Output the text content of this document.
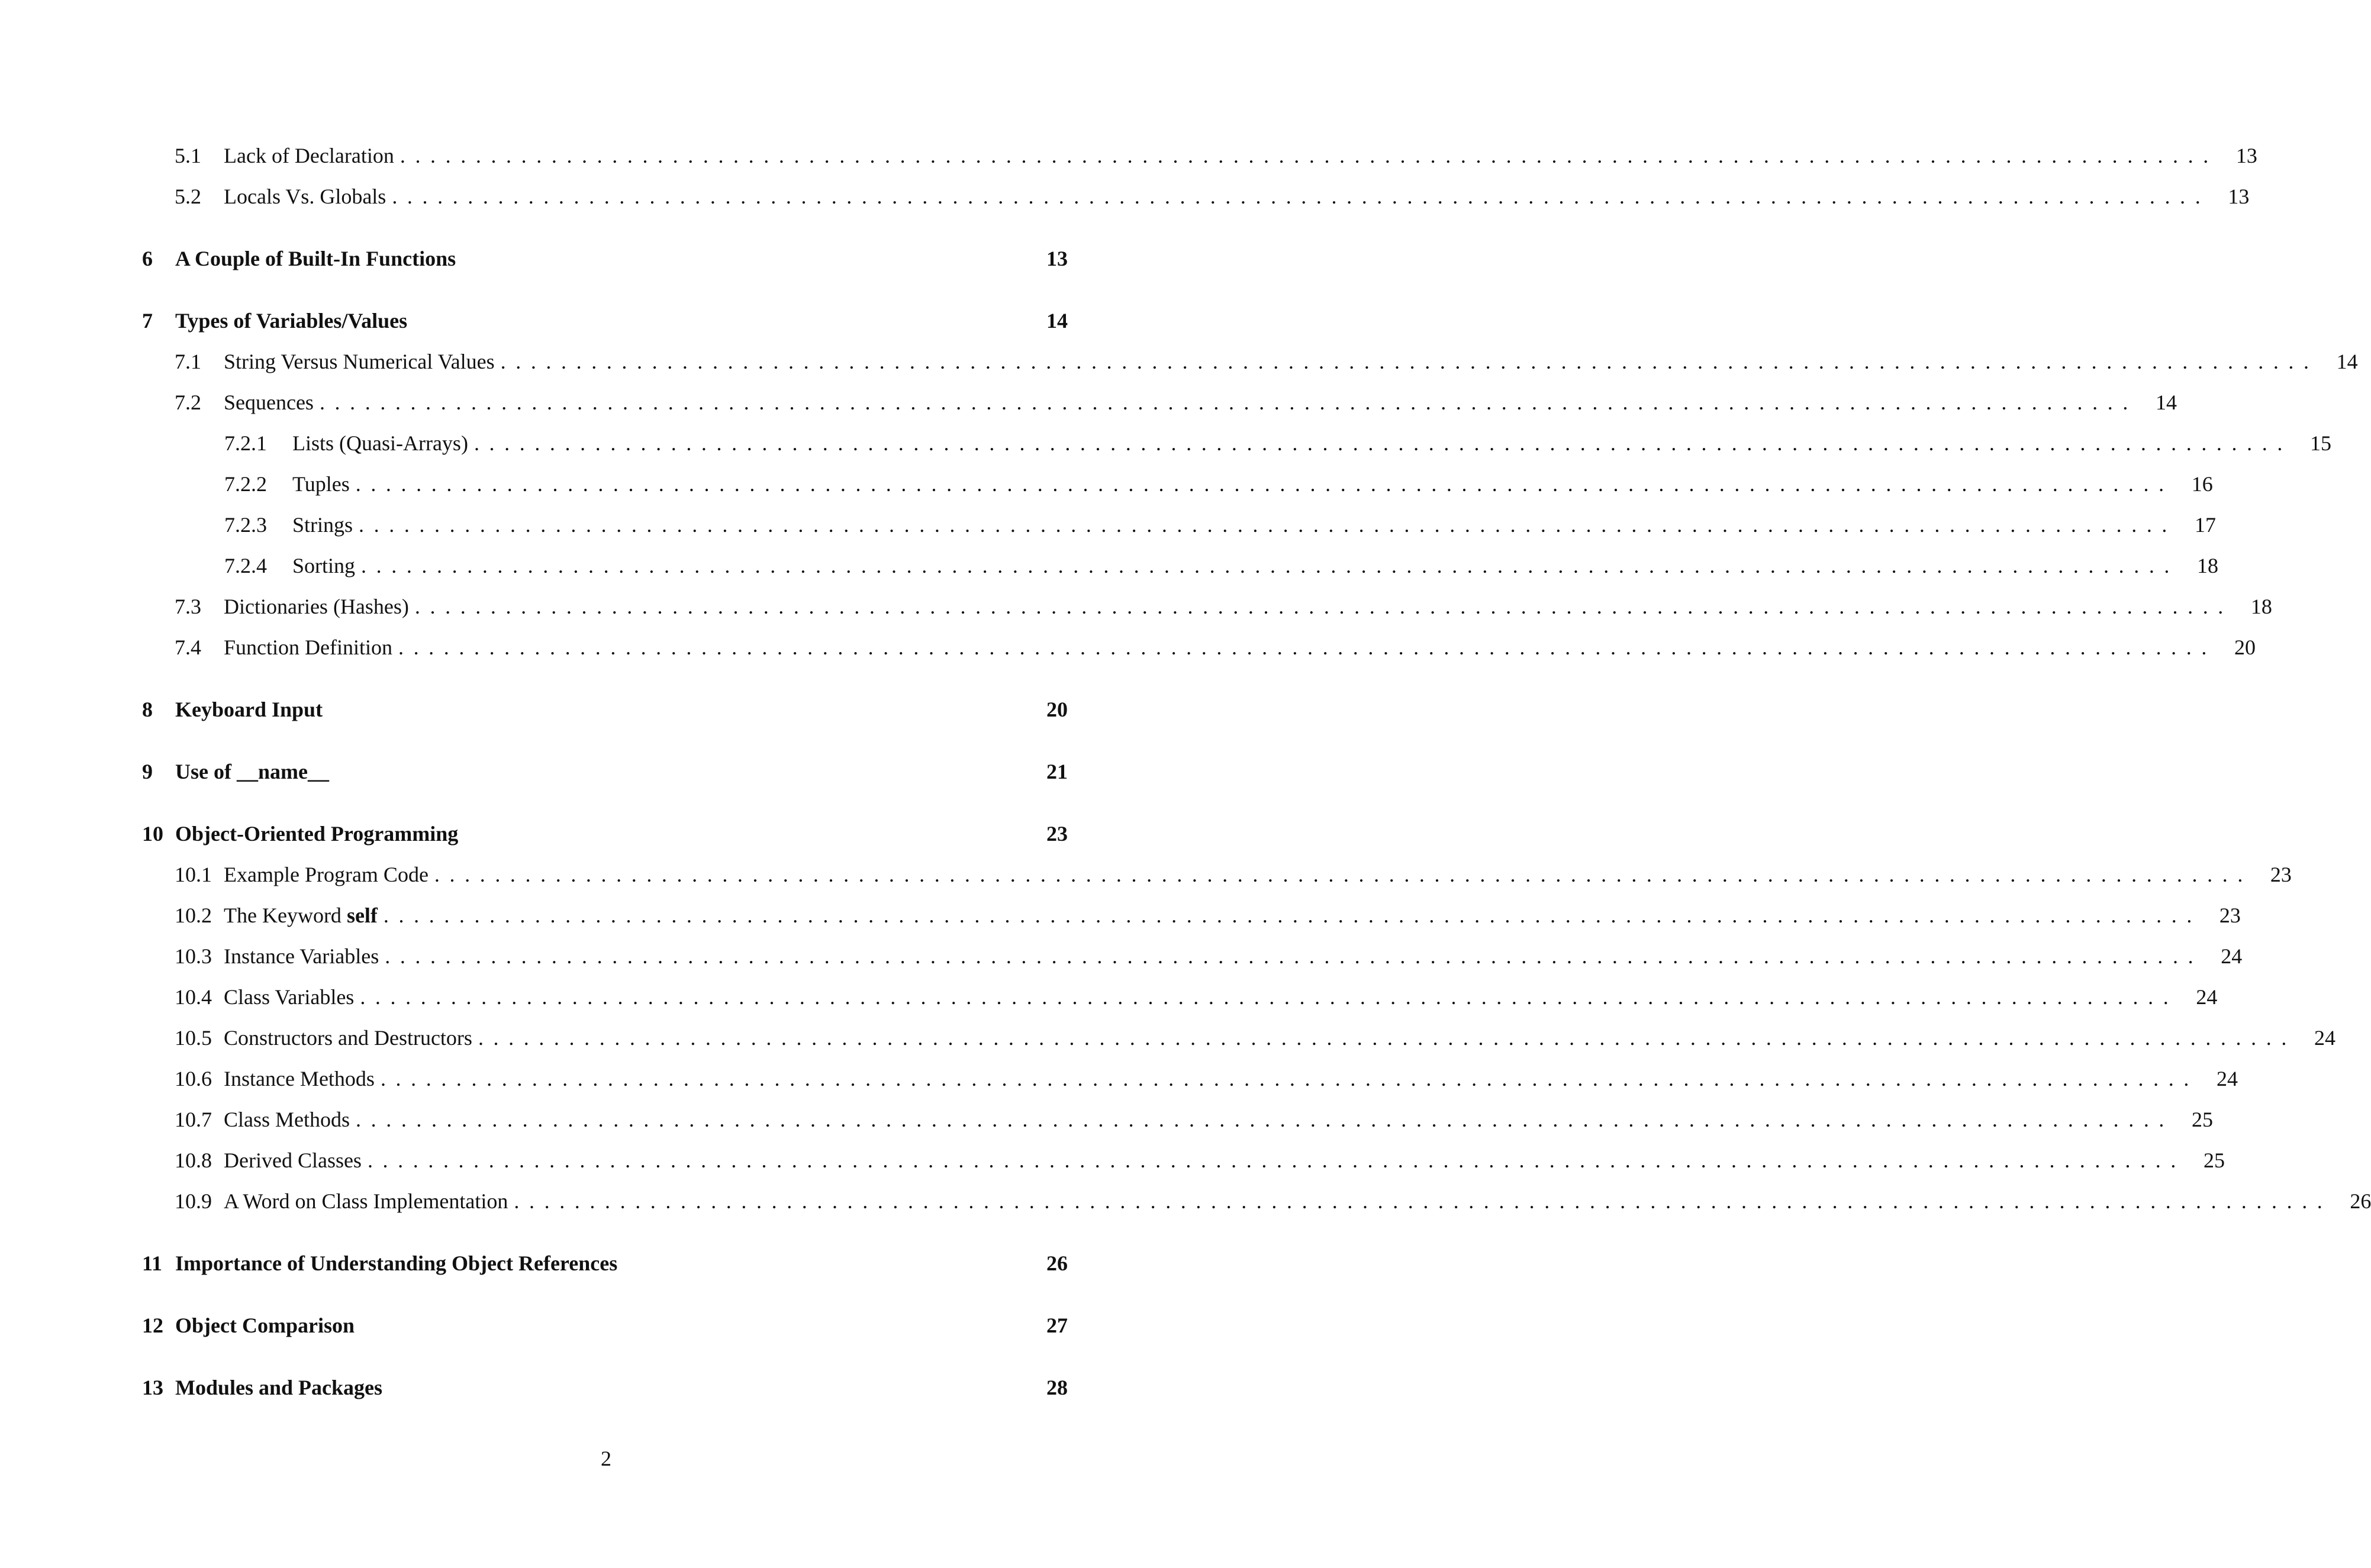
5.1	Lack of Declaration ........................................................................................................................ 13
5.2	Locals Vs. Globals ........................................................................................................................ 13
6	A Couple of Built-In Functions	13
7	Types of Variables/Values	14
7.1	String Versus Numerical Values ........................................................................................................................ 14
7.2	Sequences ........................................................................................................................ 14
7.2.1	Lists (Quasi-Arrays) ........................................................................................................................ 15
7.2.2	Tuples ........................................................................................................................ 16
7.2.3	Strings ........................................................................................................................ 17
7.2.4	Sorting ........................................................................................................................ 18
7.3	Dictionaries (Hashes) ........................................................................................................................ 18
7.4	Function Definition ........................................................................................................................ 20
8	Keyboard Input	20
9	Use of __name__	21
10 Object-Oriented Programming	23
10.1 Example Program Code ........................................................................................................................ 23
10.2 The Keyword self ........................................................................................................................ 23
10.3 Instance Variables ........................................................................................................................ 24
10.4 Class Variables ........................................................................................................................ 24
10.5 Constructors and Destructors ........................................................................................................................ 24
10.6 Instance Methods ........................................................................................................................ 24
10.7 Class Methods ........................................................................................................................ 25
10.8 Derived Classes ........................................................................................................................ 25
10.9 A Word on Class Implementation ........................................................................................................................ 26
11 Importance of Understanding Object References	26
12 Object Comparison	27
13 Modules and Packages	28
2
